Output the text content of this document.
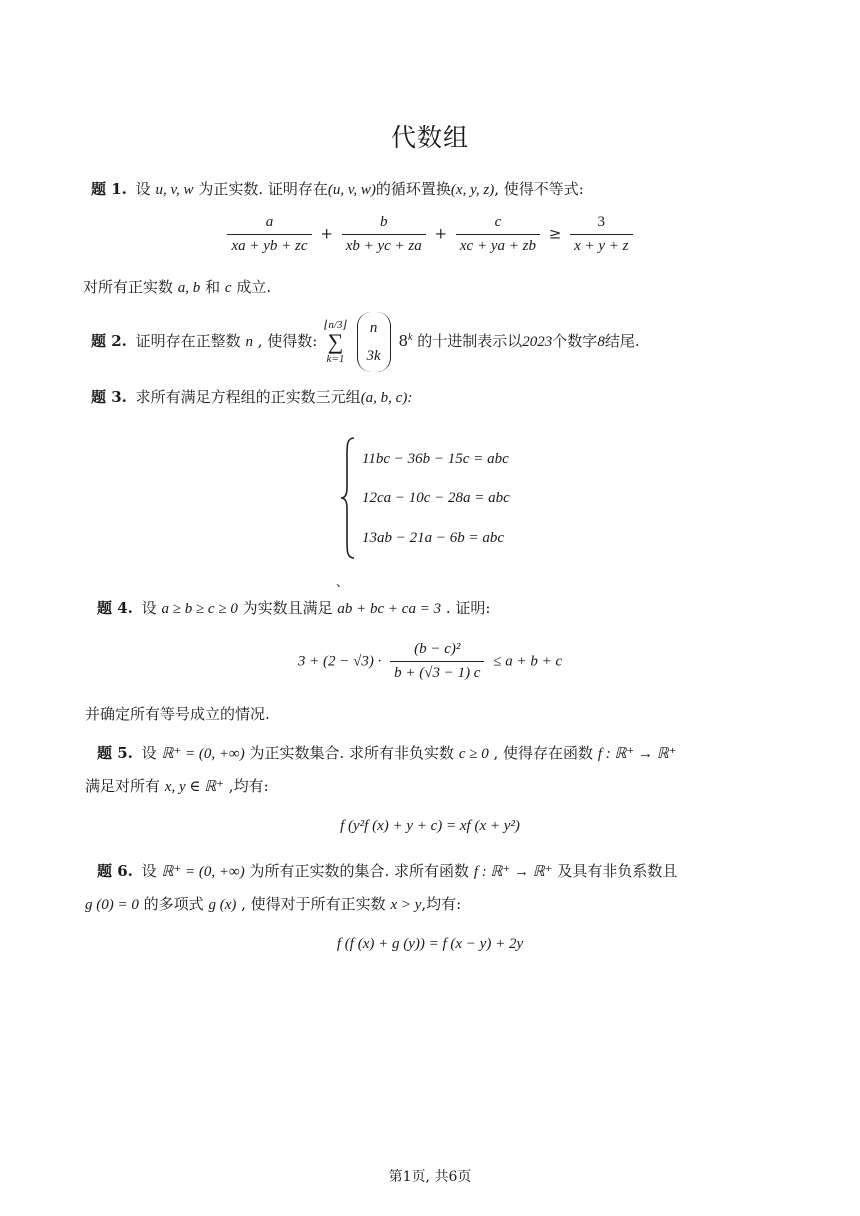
代数组
题 1. 设 u, v, w 为正实数. 证明存在(u, v, w)的循环置换(x, y, z), 使得不等式:
$\frac{a}{xa + yb + zc} + \frac{b}{xb + yc + za} + \frac{c}{xc + ya + zb} \ge \frac{3}{x + y + z}$
对所有正实数 a, b 和 c 成立.
题 2. 证明存在正整数 n , 使得数:
⌊n/3⌋
∑
k=1

n
3k
8$^k$ 的十进制表示以2023个数字8结尾.
题 3. 求所有满足方程组的正实数三元组(a, b, c):
11bc − 36b − 15c = abc
12ca − 10c − 28a = abc
13ab − 21a − 6b = abc
、
题 4. 设 a ≥ b ≥ c ≥ 0 为实数且满足 ab + bc + ca = 3 . 证明:
$3 + (2 - √3) \cdot \frac{\text{(b − c)²}}{b + (√3 - 1) c} \le a + b + c$
并确定所有等号成立的情况.
题 5. 设 ℝ⁺ = (0, +∞) 为正实数集合. 求所有非负实数 c ≥ 0 , 使得存在函数 f : ℝ⁺ → ℝ⁺
满足对所有 x, y ∈ ℝ⁺ ,均有:
f (y²f (x) + y + c) = xf (x + y²)
题 6. 设 ℝ⁺ = (0, +∞) 为所有正实数的集合. 求所有函数 f : ℝ⁺ → ℝ⁺ 及具有非负系数且
g (0) = 0 的多项式 g (x) , 使得对于所有正实数 x > y,均有:
f (f (x) + g (y)) = f (x − y) + 2y
第1页, 共6页
